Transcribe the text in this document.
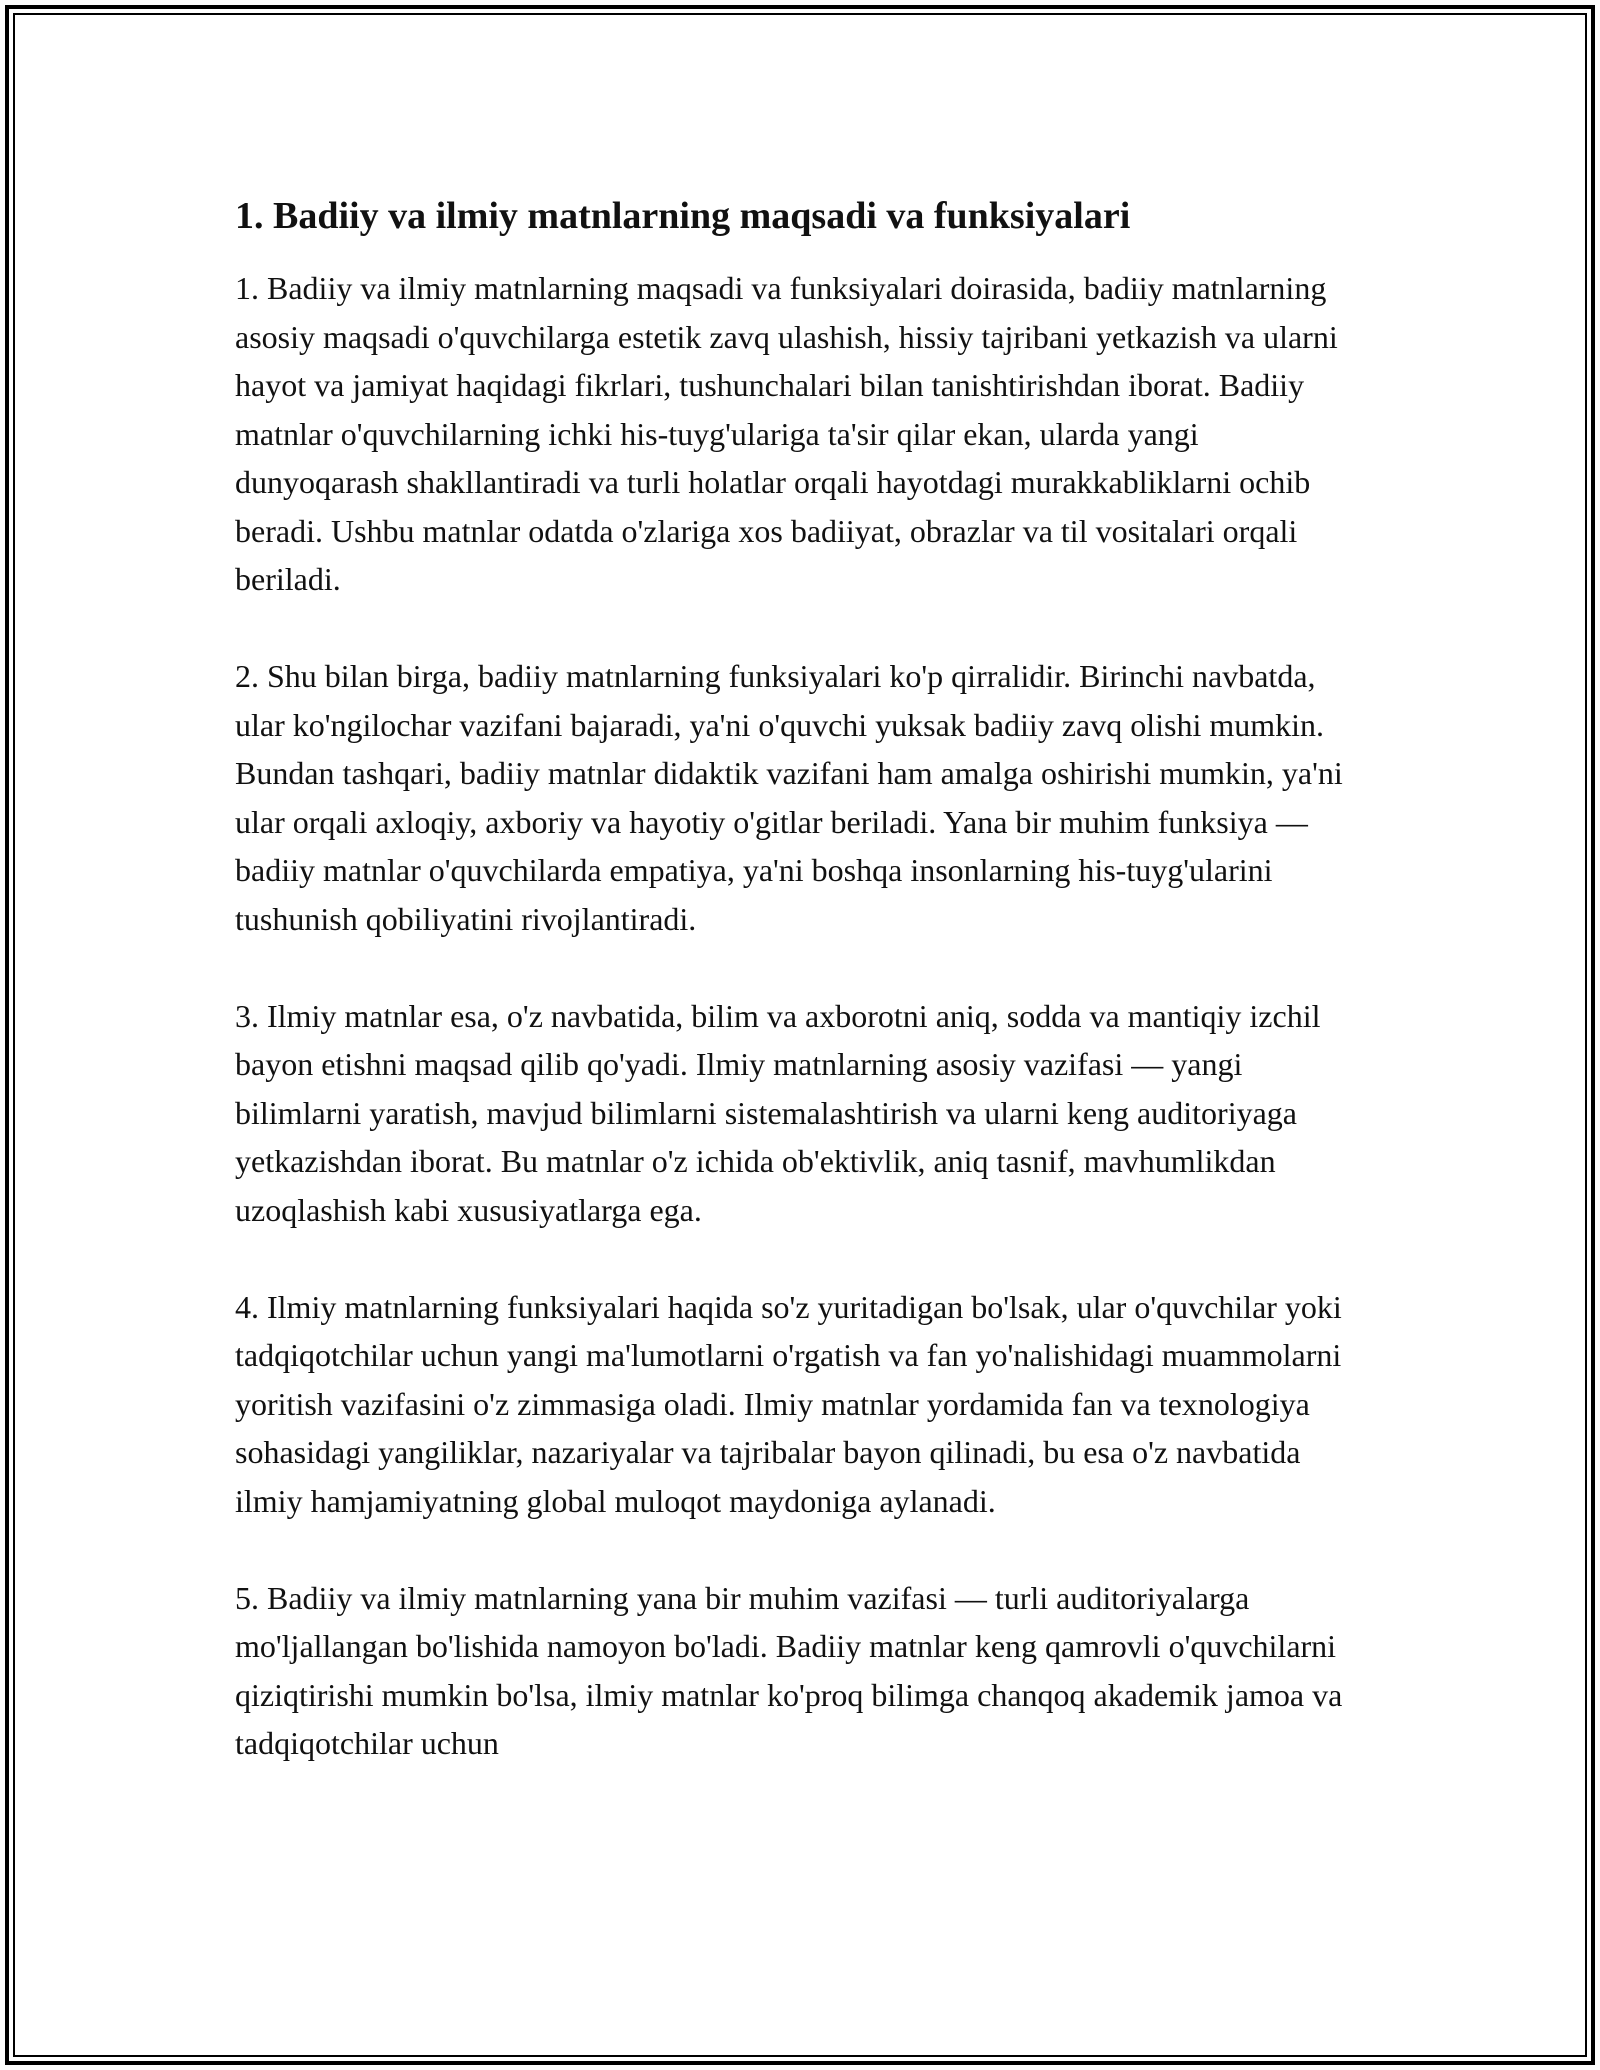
1. Badiiy va ilmiy matnlarning maqsadi va funksiyalari

1. Badiiy va ilmiy matnlarning maqsadi va funksiyalari doirasida, badiiy matnlarning asosiy maqsadi o'quvchilarga estetik zavq ulashish, hissiy tajribani yetkazish va ularni hayot va jamiyat haqidagi fikrlari, tushunchalari bilan tanishtirishdan iborat. Badiiy matnlar o'quvchilarning ichki his-tuyg'ulariga ta'sir qilar ekan, ularda yangi dunyoqarash shakllantiradi va turli holatlar orqali hayotdagi murakkabliklarni ochib beradi. Ushbu matnlar odatda o'zlariga xos badiiyat, obrazlar va til vositalari orqali beriladi.

2. Shu bilan birga, badiiy matnlarning funksiyalari ko'p qirralidir. Birinchi navbatda, ular ko'ngilochar vazifani bajaradi, ya'ni o'quvchi yuksak badiiy zavq olishi mumkin. Bundan tashqari, badiiy matnlar didaktik vazifani ham amalga oshirishi mumkin, ya'ni ular orqali axloqiy, axboriy va hayotiy o'gitlar beriladi. Yana bir muhim funksiya — badiiy matnlar o'quvchilarda empatiya, ya'ni boshqa insonlarning his-tuyg'ularini tushunish qobiliyatini rivojlantiradi.

3. Ilmiy matnlar esa, o'z navbatida, bilim va axborotni aniq, sodda va mantiqiy izchil bayon etishni maqsad qilib qo'yadi. Ilmiy matnlarning asosiy vazifasi — yangi bilimlarni yaratish, mavjud bilimlarni sistemalashtirish va ularni keng auditoriyaga yetkazishdan iborat. Bu matnlar o'z ichida ob'ektivlik, aniq tasnif, mavhumlikdan uzoqlashish kabi xususiyatlarga ega.

4. Ilmiy matnlarning funksiyalari haqida so'z yuritadigan bo'lsak, ular o'quvchilar yoki tadqiqotchilar uchun yangi ma'lumotlarni o'rgatish va fan yo'nalishidagi muammolarni yoritish vazifasini o'z zimmasiga oladi. Ilmiy matnlar yordamida fan va texnologiya sohasidagi yangiliklar, nazariyalar va tajribalar bayon qilinadi, bu esa o'z navbatida ilmiy hamjamiyatning global muloqot maydoniga aylanadi.

5. Badiiy va ilmiy matnlarning yana bir muhim vazifasi — turli auditoriyalarga mo'ljallangan bo'lishida namoyon bo'ladi. Badiiy matnlar keng qamrovli o'quvchilarni qiziqtirishi mumkin bo'lsa, ilmiy matnlar ko'proq bilimga chanqoq akademik jamoa va tadqiqotchilar uchun
